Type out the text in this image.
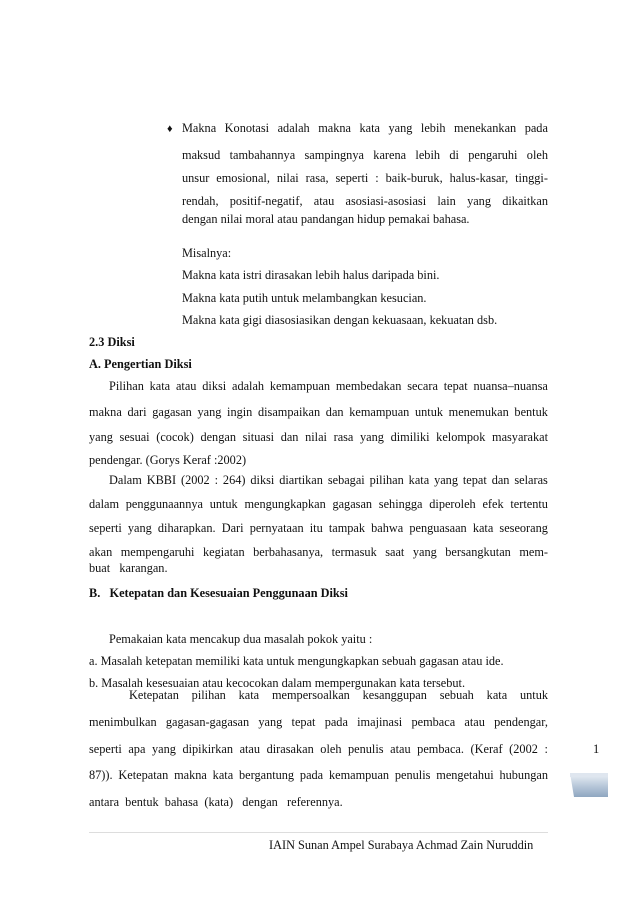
♦ Makna Konotasi adalah makna kata yang lebih menekankan pada
maksud tambahannya sampingnya karena lebih di pengaruhi oleh
unsur emosional, nilai rasa, seperti : baik-buruk, halus-kasar, tinggi-
rendah, positif-negatif, atau asosiasi-asosiasi lain yang dikaitkan
dengan nilai moral atau pandangan hidup pemakai bahasa.
Misalnya:
Makna kata istri dirasakan lebih halus daripada bini.
Makna kata putih untuk melambangkan kesucian.
Makna kata gigi diasosiasikan dengan kekuasaan, kekuatan dsb.
2.3 Diksi
A. Pengertian Diksi
Pilihan kata atau diksi adalah kemampuan membedakan secara tepat nuansa–nuansa
makna dari gagasan yang ingin disampaikan dan kemampuan untuk menemukan bentuk
yang sesuai (cocok) dengan situasi dan nilai rasa yang dimiliki kelompok masyarakat
pendengar. (Gorys Keraf :2002)
Dalam KBBI (2002 : 264) diksi diartikan sebagai pilihan kata yang tepat dan selaras
dalam penggunaannya untuk mengungkapkan gagasan sehingga diperoleh efek tertentu
seperti yang diharapkan. Dari pernyataan itu tampak bahwa penguasaan kata seseorang
akan mempengaruhi kegiatan berbahasanya, termasuk saat yang bersangkutan mem-
buat   karangan.
B.   Ketepatan dan Kesesuaian Penggunaan Diksi
Pemakaian kata mencakup dua masalah pokok yaitu :
a. Masalah ketepatan memiliki kata untuk mengungkapkan sebuah gagasan atau ide.
b. Masalah kesesuaian atau kecocokan dalam mempergunakan kata tersebut.
Ketepatan pilihan kata mempersoalkan kesanggupan sebuah kata untuk
menimbulkan gagasan-gagasan yang tepat pada imajinasi pembaca atau pendengar,
1
IAIN Sunan Ampel Surabaya Achmad Zain Nuruddin
seperti apa yang dipikirkan atau dirasakan oleh penulis atau pembaca. (Keraf (2002 :
87)). Ketepatan makna kata bergantung pada kemampuan penulis mengetahui hubungan
antara  bentuk  bahasa  (kata)   dengan   referennya.
